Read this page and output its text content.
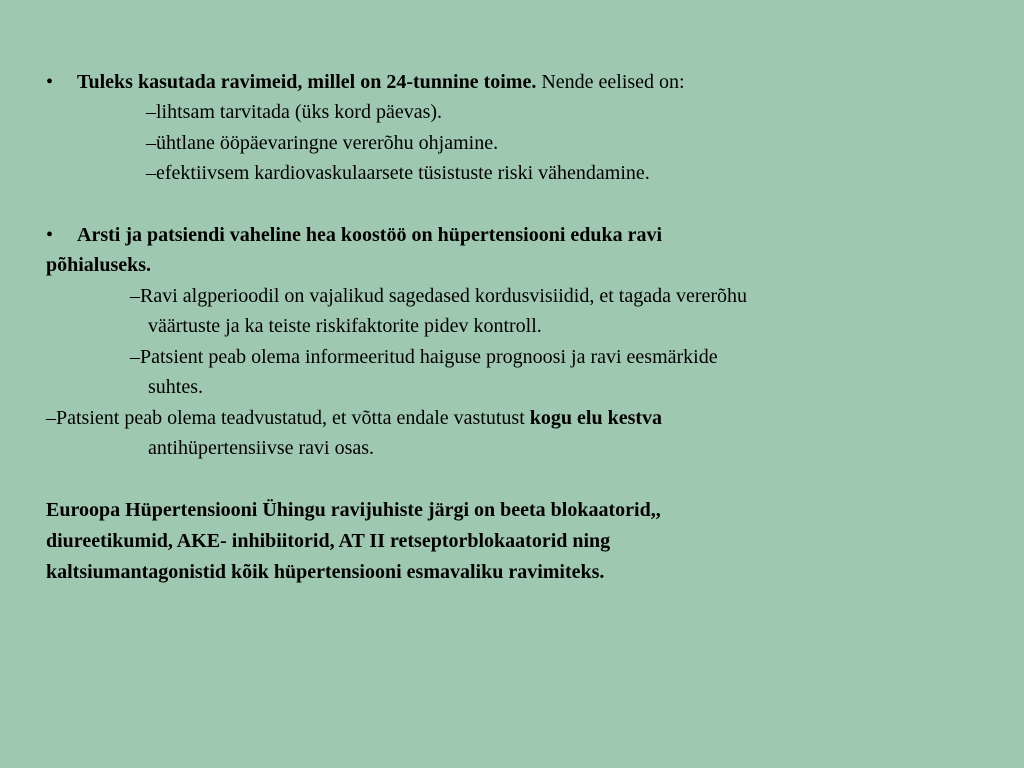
• Tuleks kasutada ravimeid, millel on 24-tunnine toime. Nende eelised on:
–lihtsam tarvitada (üks kord päevas).
–ühtlane ööpäevaringne vererõhu ohjamine.
–efektiivsem kardiovaskulaarsete tüsistuste riski vähendamine.
• Arsti ja patsiendi vaheline hea koostöö on hüpertensiooni eduka ravi
põhialuseks.
–Ravi algperioodil on vajalikud sagedased kordusvisiidid, et tagada vererõhu
väärtuste ja ka teiste riskifaktorite pidev kontroll.
–Patsient peab olema informeeritud haiguse prognoosi ja ravi eesmärkide
suhtes.
–Patsient peab olema teadvustatud, et võtta endale vastutust kogu elu kestva
antihüpertensiivse ravi osas.
Euroopa Hüpertensiooni Ühingu ravijuhiste järgi on beeta blokaatorid,,
diureetikumid, AKE- inhibiitorid, AT II retseptorblokaatorid ning
kaltsiumantagonistid kõik hüpertensiooni esmavaliku ravimiteks.
